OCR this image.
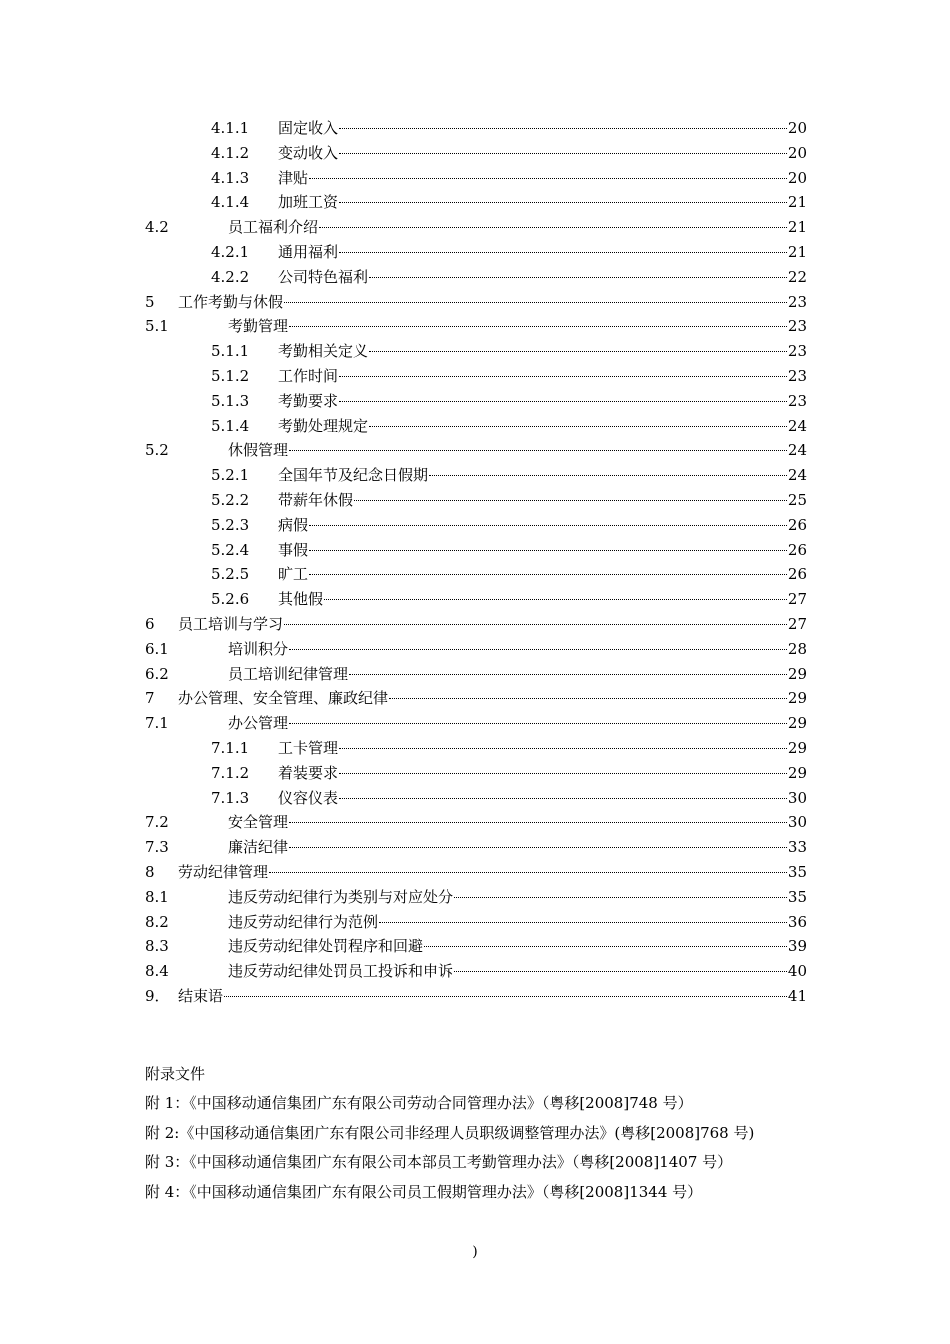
4.1.1	固定收入	20
4.1.2	变动收入	20
4.1.3	津贴	20
4.1.4	加班工资	21
4.2	员工福利介绍	21
4.2.1	通用福利	21
4.2.2	公司特色福利	22
5	工作考勤与休假	23
5.1	考勤管理	23
5.1.1	考勤相关定义	23
5.1.2	工作时间	23
5.1.3	考勤要求	23
5.1.4	考勤处理规定	24
5.2	休假管理	24
5.2.1	全国年节及纪念日假期	24
5.2.2	带薪年休假	25
5.2.3	病假	26
5.2.4	事假	26
5.2.5	旷工	26
5.2.6	其他假	27
6	员工培训与学习	27
6.1	培训积分	28
6.2	员工培训纪律管理	29
7	办公管理、安全管理、廉政纪律	29
7.1	办公管理	29
7.1.1	工卡管理	29
7.1.2	着装要求	29
7.1.3	仪容仪表	30
7.2	安全管理	30
7.3	廉洁纪律	33
8	劳动纪律管理	35
8.1	违反劳动纪律行为类别与对应处分	35
8.2	违反劳动纪律行为范例	36
8.3	违反劳动纪律处罚程序和回避	39
8.4	违反劳动纪律处罚员工投诉和申诉	40
9． 结束语	41
附录文件
附 1：《中国移动通信集团广东有限公司劳动合同管理办法》（粤移[2008]748 号）
附 2:《中国移动通信集团广东有限公司非经理人员职级调整管理办法》(粤移[2008]768 号)
附 3：《中国移动通信集团广东有限公司本部员工考勤管理办法》（粤移[2008]1407 号）
附 4：《中国移动通信集团广东有限公司员工假期管理办法》（粤移[2008]1344 号）
)
